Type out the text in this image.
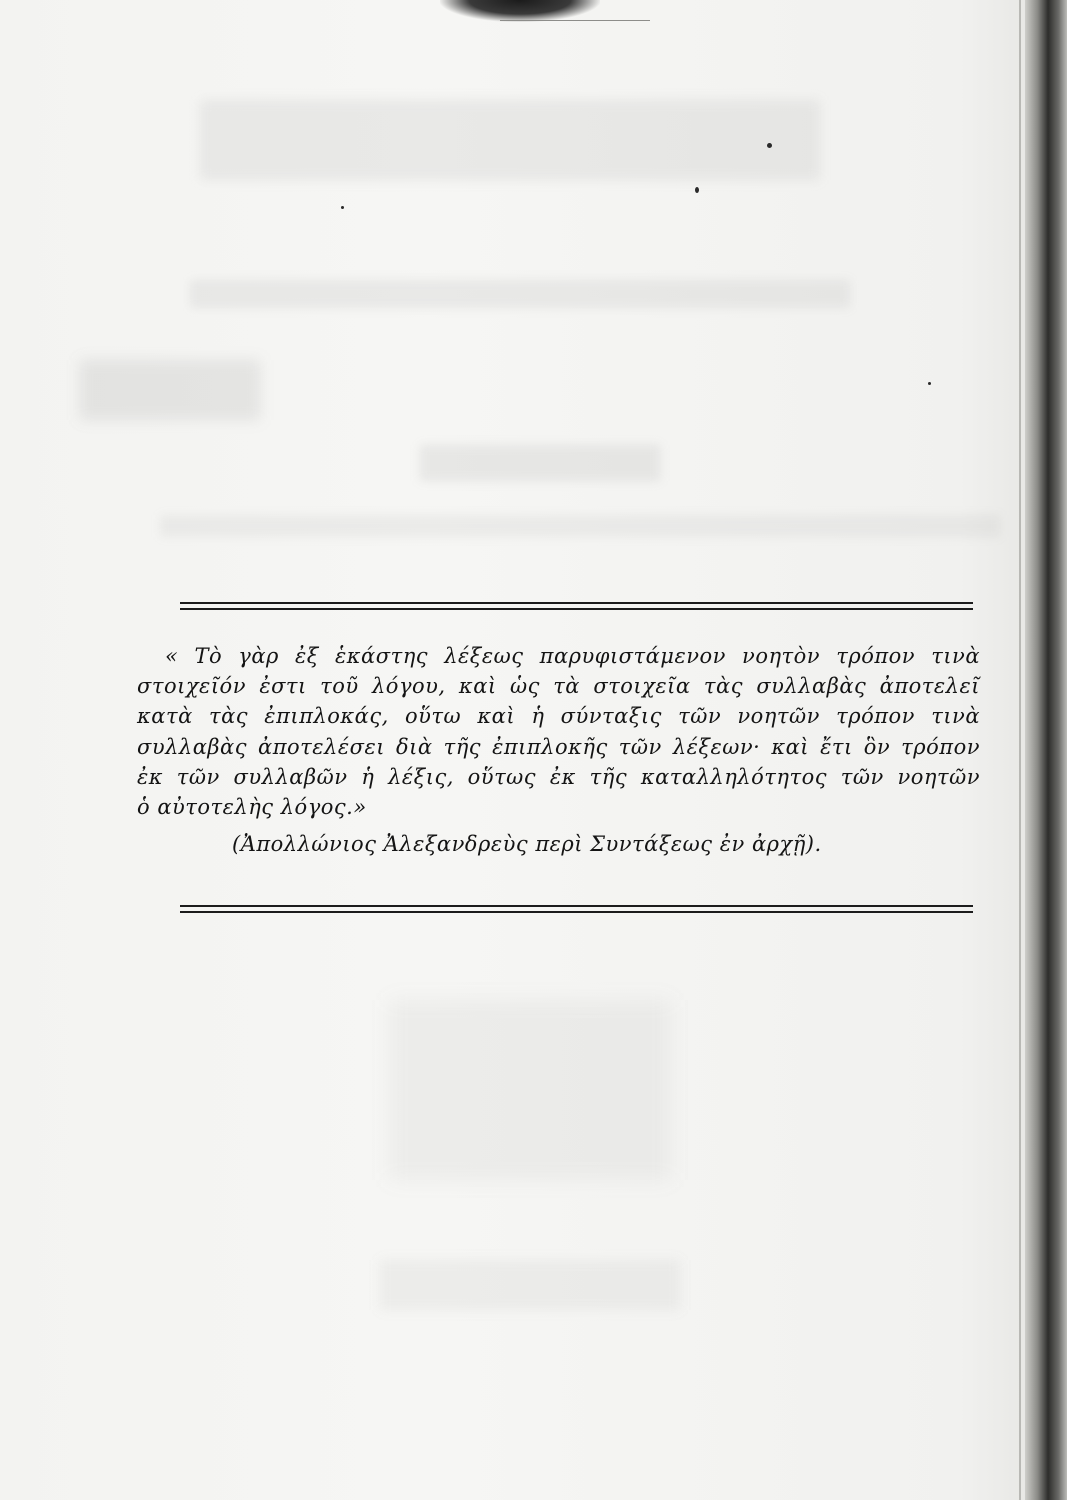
« Τὸ γὰρ ἐξ ἑκάστης λέξεως παρυφιστάμενον νοητὸν τρόπον τινὰ
στοιχεῖόν ἐστι τοῦ λόγου, καὶ ὡς τὰ στοιχεῖα τὰς συλλαβὰς ἀποτελεῖ
κατὰ τὰς ἐπιπλοκάς, οὕτω καὶ ἡ σύνταξις τῶν νοητῶν τρόπον τινὰ
συλλαβὰς ἀποτελέσει διὰ τῆς ἐπιπλοκῆς τῶν λέξεων· καὶ ἔτι ὃν τρόπον
ἐκ τῶν συλλαβῶν ἡ λέξις, οὕτως ἐκ τῆς καταλληλότητος τῶν νοητῶν
ὁ αὐτοτελὴς λόγος.»
(Ἀπολλώνιος Ἀλεξανδρεὺς περὶ Συντάξεως ἐν ἀρχῇ).
